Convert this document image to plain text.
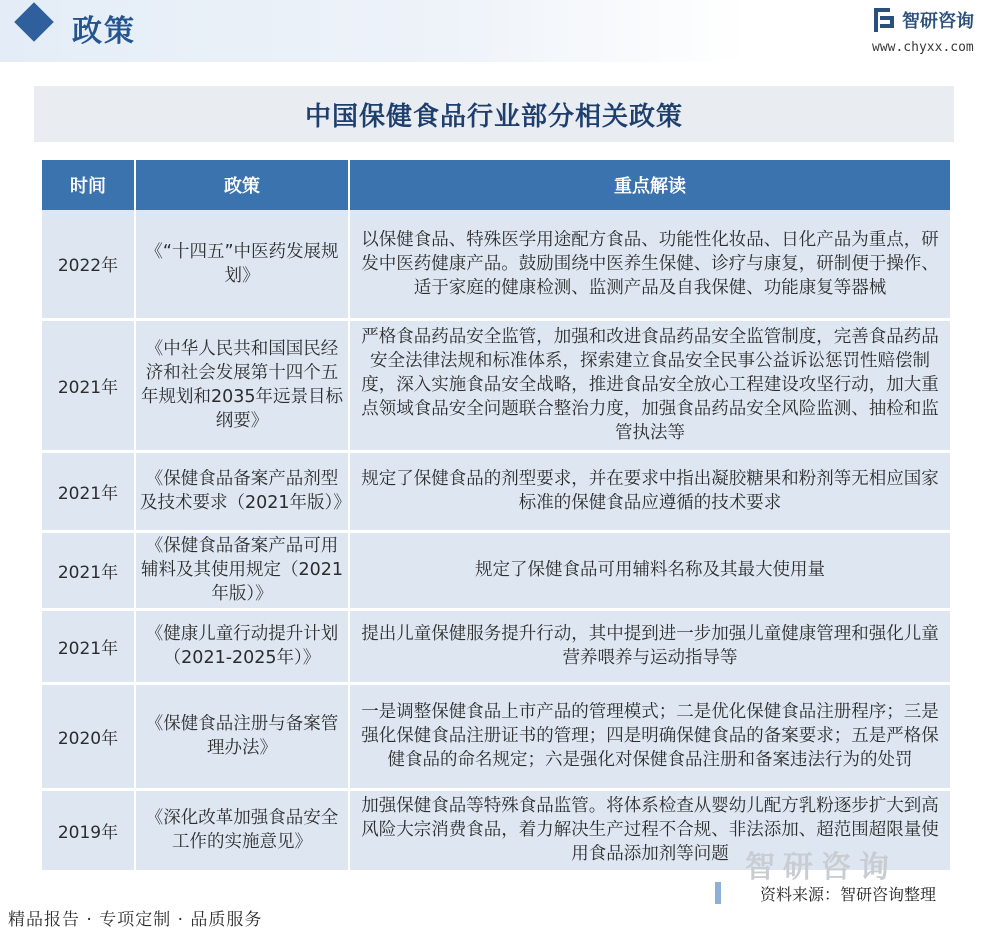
政策	智研咨询
www.chyxx.com
中国保健食品行业部分相关政策
时间	政策	重点解读
2022年	《“十四五”中医药发展规划》	以保健食品、特殊医学用途配方食品、功能性化妆品、日化产品为重点，研发中医药健康产品。鼓励围绕中医养生保健、诊疗与康复，研制便于操作、适于家庭的健康检测、监测产品及自我保健、功能康复等器械
2021年	《中华人民共和国国民经济和社会发展第十四个五年规划和2035年远景目标纲要》	严格食品药品安全监管，加强和改进食品药品安全监管制度，完善食品药品安全法律法规和标准体系，探索建立食品安全民事公益诉讼惩罚性赔偿制度，深入实施食品安全战略，推进食品安全放心工程建设攻坚行动，加大重点领域食品安全问题联合整治力度，加强食品药品安全风险监测、抽检和监管执法等
2021年	《保健食品备案产品剂型及技术要求（2021年版）》	规定了保健食品的剂型要求，并在要求中指出凝胶糖果和粉剂等无相应国家标准的保健食品应遵循的技术要求
2021年	《保健食品备案产品可用辅料及其使用规定（2021年版）》	规定了保健食品可用辅料名称及其最大使用量
2021年	《健康儿童行动提升计划（2021-2025年）》	提出儿童保健服务提升行动，其中提到进一步加强儿童健康管理和强化儿童营养喂养与运动指导等
2020年	《保健食品注册与备案管理办法》	一是调整保健食品上市产品的管理模式；二是优化保健食品注册程序；三是强化保健食品注册证书的管理；四是明确保健食品的备案要求；五是严格保健食品的命名规定；六是强化对保健食品注册和备案违法行为的处罚
2019年	《深化改革加强食品安全工作的实施意见》	加强保健食品等特殊食品监管。将体系检查从婴幼儿配方乳粉逐步扩大到高风险大宗消费食品，着力解决生产过程不合规、非法添加、超范围超限量使用食品添加剂等问题 智研咨询
资料来源：智研咨询整理
精品报告 · 专项定制 · 品质服务
